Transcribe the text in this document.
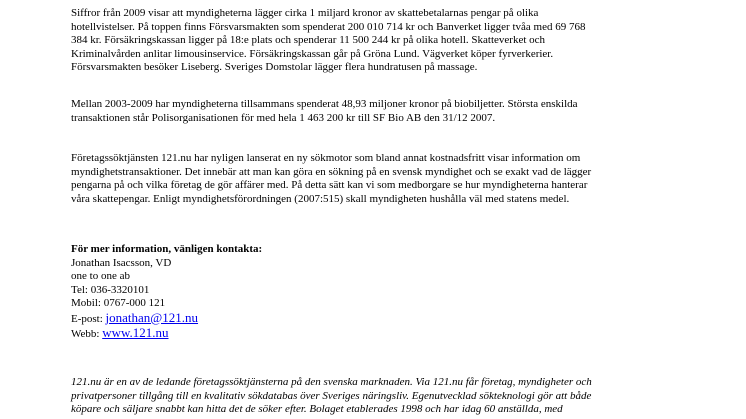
Siffror från 2009 visar att myndigheterna lägger cirka 1 miljard kronor av skattebetalarnas pengar på olika
hotellvistelser. På toppen finns Försvarsmakten som spenderat 200 010 714 kr och Banverket ligger tvåa med 69 768
384 kr. Försäkringskassan ligger på 18:e plats och spenderar 11 500 244 kr på olika hotell. Skatteverket och
Kriminalvården anlitar limousinservice. Försäkringskassan går på Gröna Lund. Vägverket köper fyrverkerier.
Försvarsmakten besöker Liseberg. Sveriges Domstolar lägger flera hundratusen på massage.

Mellan 2003-2009 har myndigheterna tillsammans spenderat 48,93 miljoner kronor på biobiljetter. Största enskilda
transaktionen står Polisorganisationen för med hela 1 463 200 kr till SF Bio AB den 31/12 2007.

Företagssöktjänsten 121.nu har nyligen lanserat en ny sökmotor som bland annat kostnadsfritt visar information om
myndighetstransaktioner. Det innebär att man kan göra en sökning på en svensk myndighet och se exakt vad de lägger
pengarna på och vilka företag de gör affärer med. På detta sätt kan vi som medborgare se hur myndigheterna hanterar
våra skattepengar. Enligt myndighetsförordningen (2007:515) skall myndigheten hushålla väl med statens medel.

För mer information, vänligen kontakta:
Jonathan Isacsson, VD
one to one ab
Tel: 036-3320101
Mobil: 0767-000 121
E-post: jonathan@121.nu
Webb: www.121.nu

121.nu är en av de ledande företagssöktjänsterna på den svenska marknaden. Via 121.nu får företag, myndigheter och
privatpersoner tillgång till en kvalitativ sökdatabas över Sveriges näringsliv. Egenutvecklad sökteknologi gör att både
köpare och säljare snabbt kan hitta det de söker efter. Bolaget etablerades 1998 och har idag 60 anställda, med
